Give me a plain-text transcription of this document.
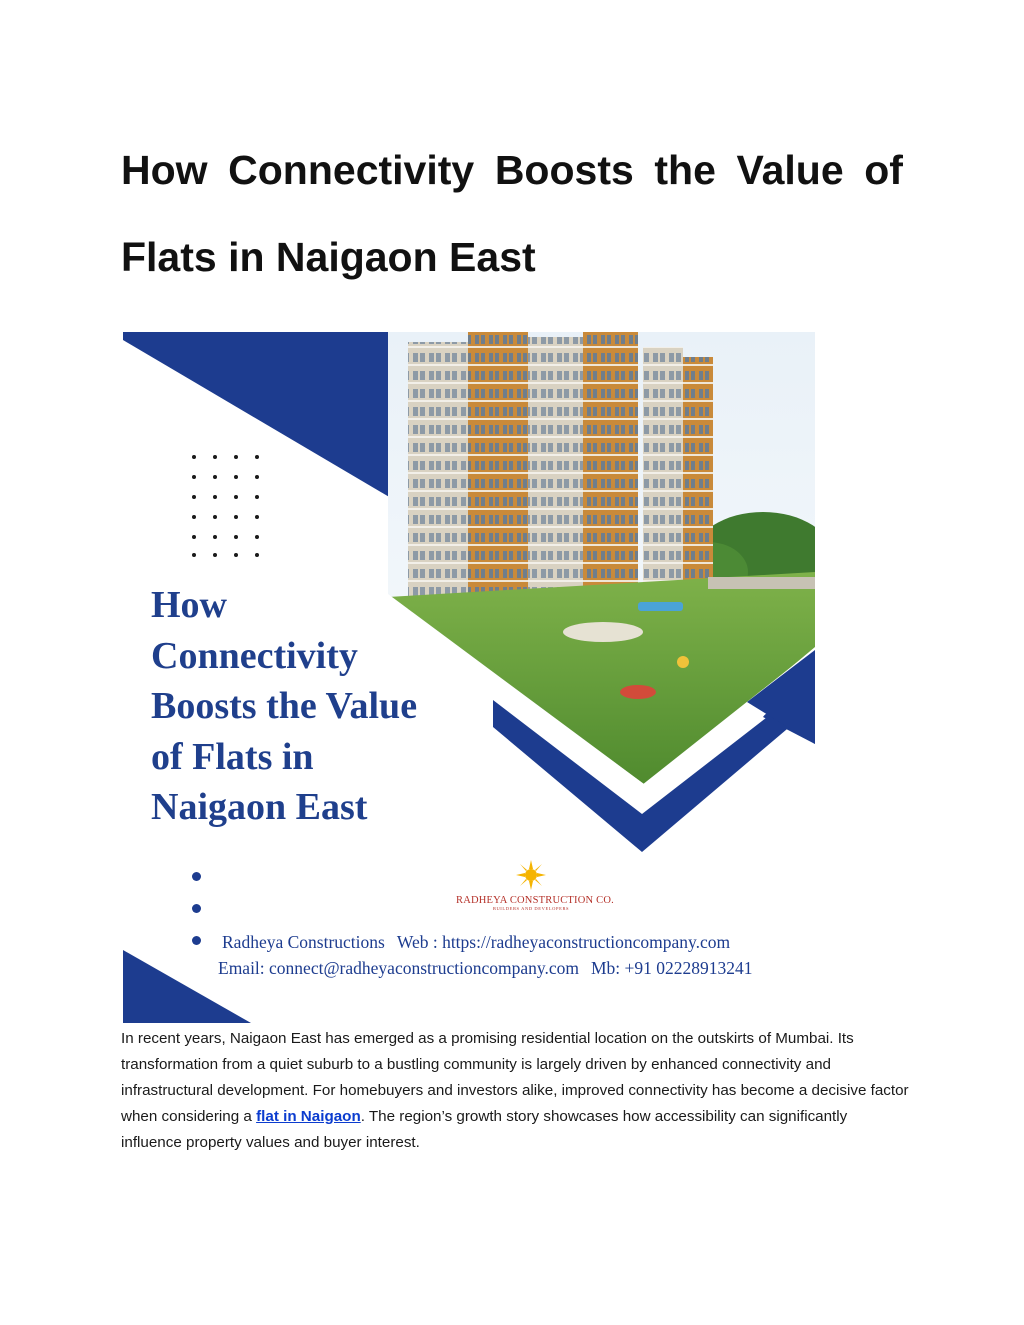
How Connectivity Boosts the Value of
Flats in Naigaon East
How
Connectivity
Boosts the Value
of Flats in
Naigaon East
RADHEYA CONSTRUCTION CO.
BUILDERS AND DEVELOPERS
Radheya Constructions Web : https://radheyaconstructioncompany.com
Email: connect@radheyaconstructioncompany.com Mb: +91 02228913241

In recent years, Naigaon East has emerged as a promising residential location on the outskirts of Mumbai. Its transformation from a quiet suburb to a bustling community is largely driven by enhanced connectivity and infrastructural development. For homebuyers and investors alike, improved connectivity has become a decisive factor when considering a flat in Naigaon. The region’s growth story showcases how accessibility can significantly influence property values and buyer interest.
